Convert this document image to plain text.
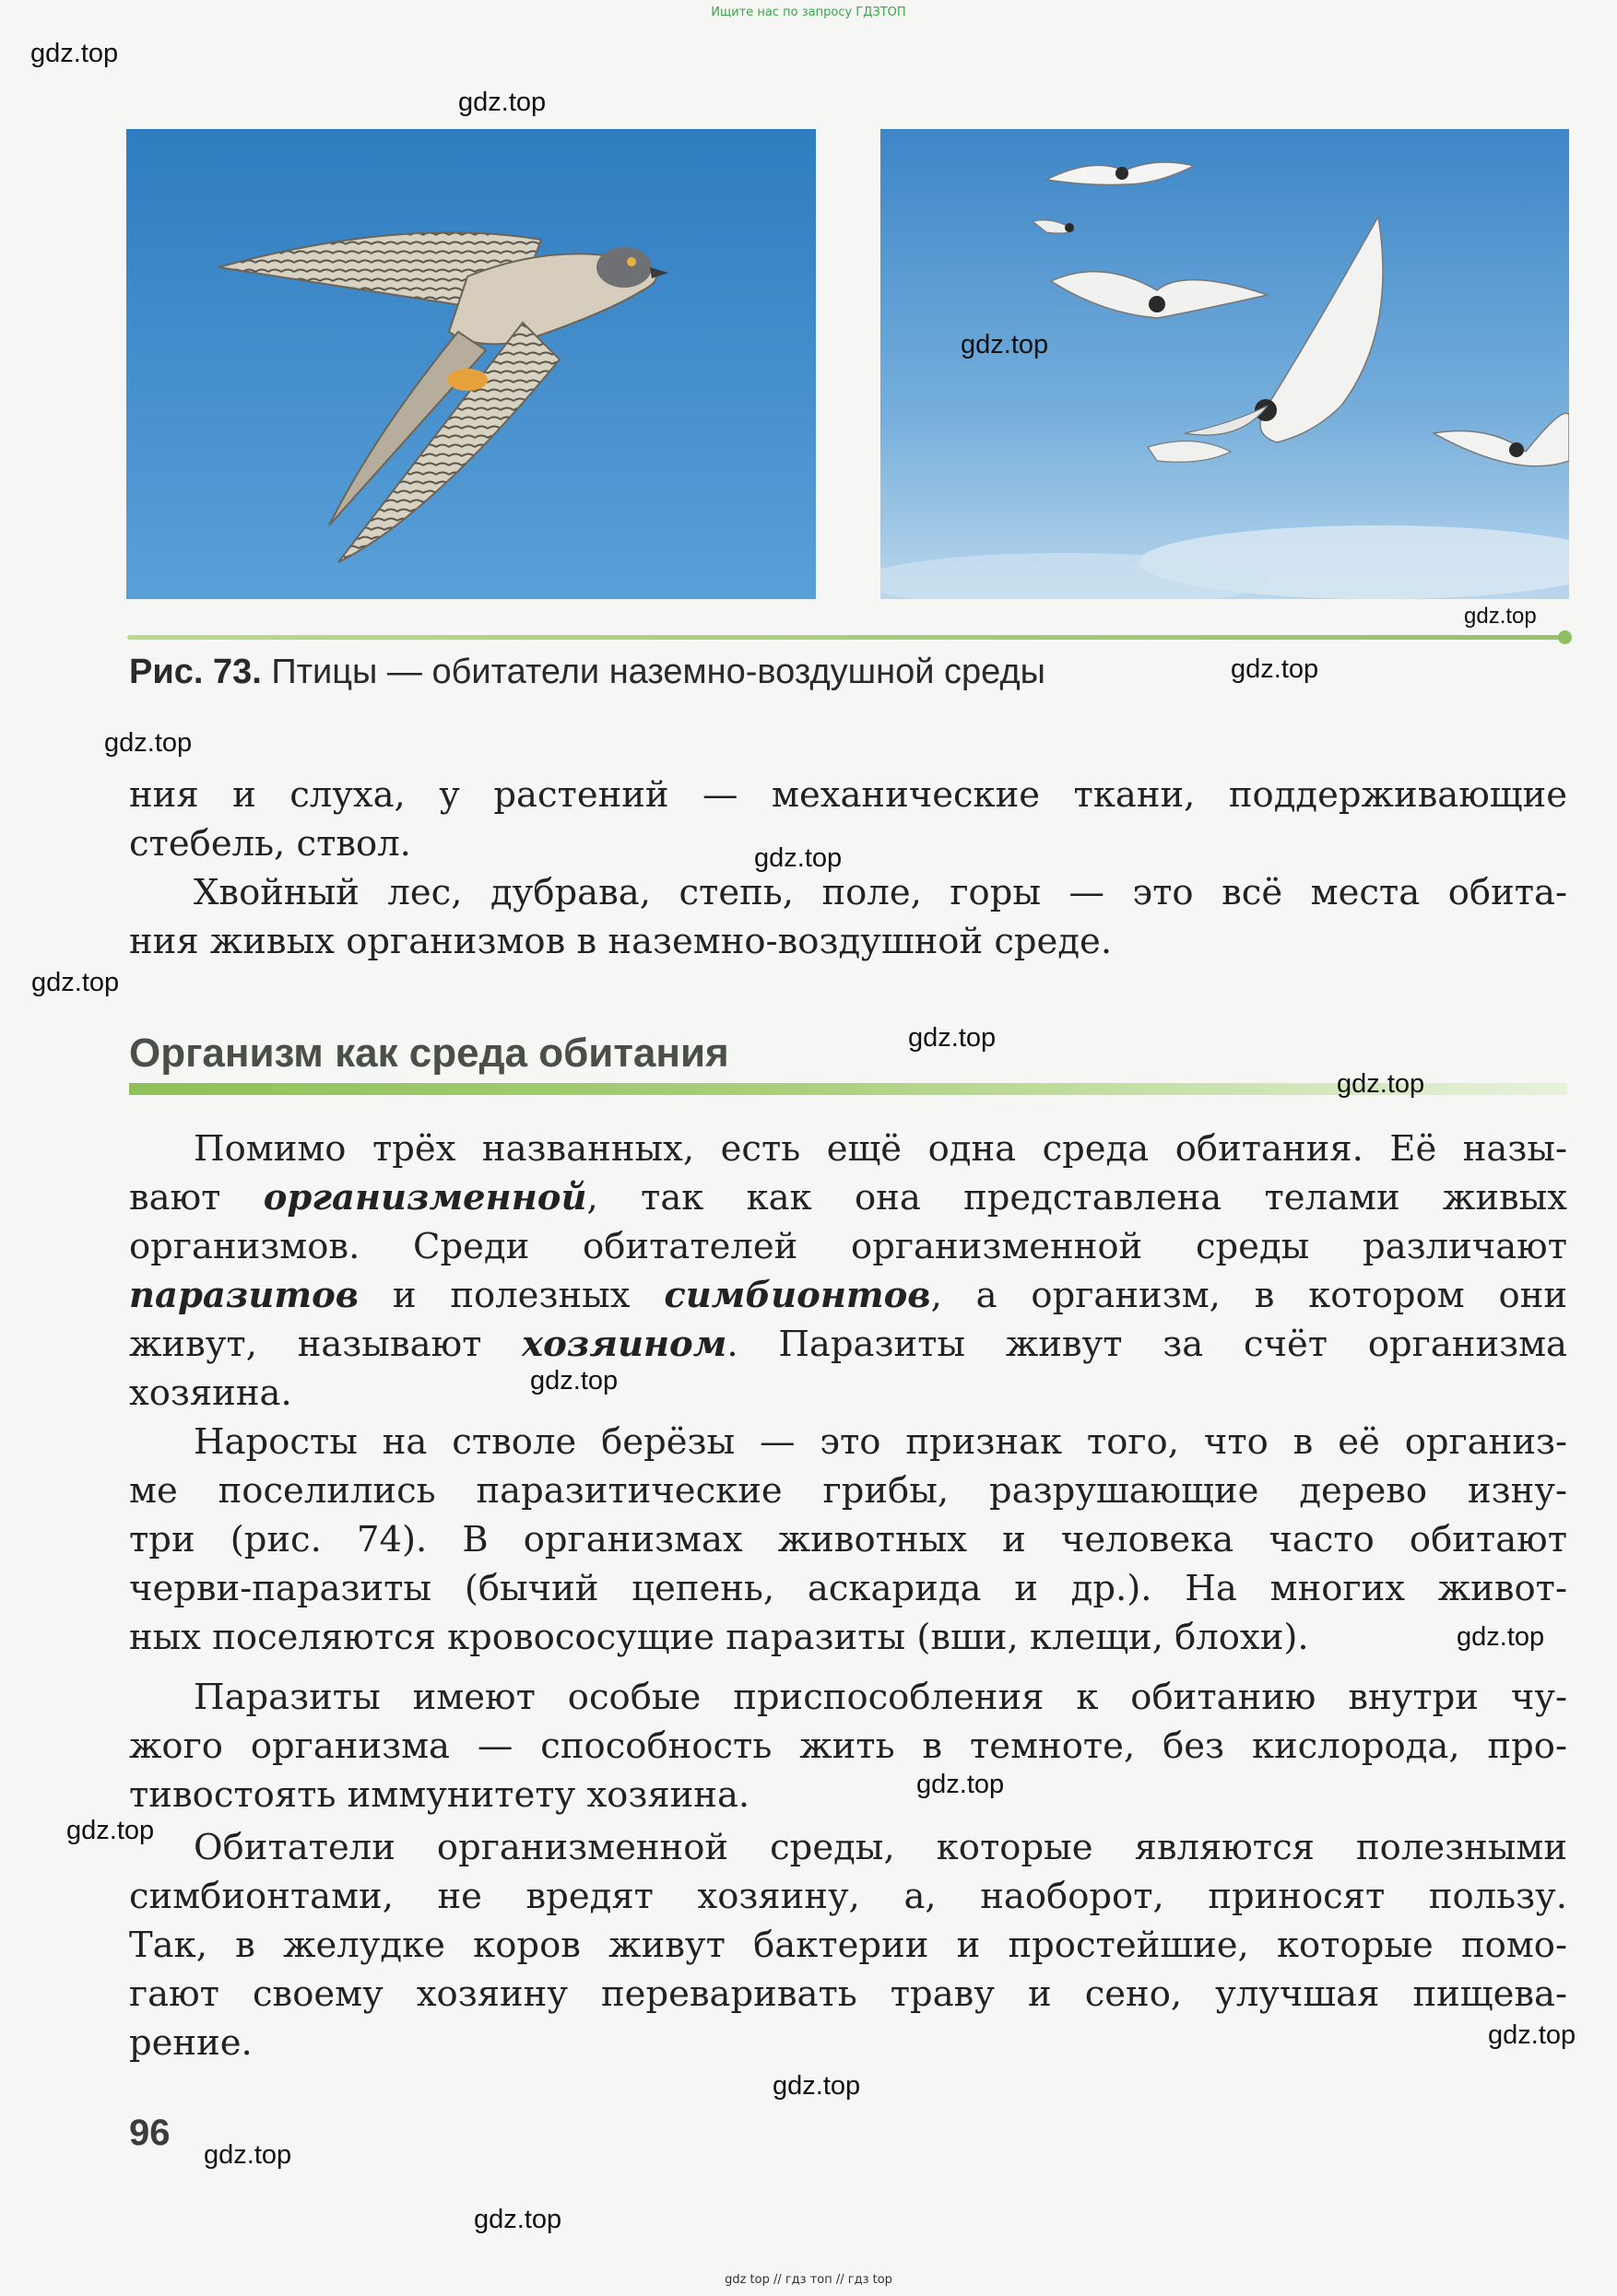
Ищите нас по запросу ГДЗТОП
Рис. 73. Птицы — обитатели наземно-воздушной среды
ния и слуха, у растений — механические ткани, поддерживающие
стебель, ствол.
Хвойный лес, дубрава, степь, поле, горы — это всё места обита-
ния живых организмов в наземно-воздушной среде.
Организм как среда обитания
Помимо трёх названных, есть ещё одна среда обитания. Её назы-
вают организменной, так как она представлена телами живых
организмов. Среди обитателей организменной среды различают
паразитов и полезных симбионтов, а организм, в котором они
живут, называют хозяином. Паразиты живут за счёт организма
хозяина.
Наросты на стволе берёзы — это признак того, что в её организ-
ме поселились паразитические грибы, разрушающие дерево изну-
три (рис. 74). В организмах животных и человека часто обитают
черви-паразиты (бычий цепень, аскарида и др.). На многих живот-
ных поселяются кровососущие паразиты (вши, клещи, блохи).
Паразиты имеют особые приспособления к обитанию внутри чу-
жого организма — способность жить в темноте, без кислорода, про-
тивостоять иммунитету хозяина.
Обитатели организменной среды, которые являются полезными
симбионтами, не вредят хозяину, а, наоборот, приносят пользу.
Так, в желудке коров живут бактерии и простейшие, которые помо-
гают своему хозяину переваривать траву и сено, улучшая пищева-
рение.
96
gdz.top
gdz.top
gdz.top
gdz.top
gdz.top
gdz.top
gdz.top
gdz.top
gdz.top
gdz.top
gdz.top
gdz.top
gdz.top
gdz.top
gdz.top
gdz.top
gdz.top
gdz.top
gdz top // гдз топ // гдз top
